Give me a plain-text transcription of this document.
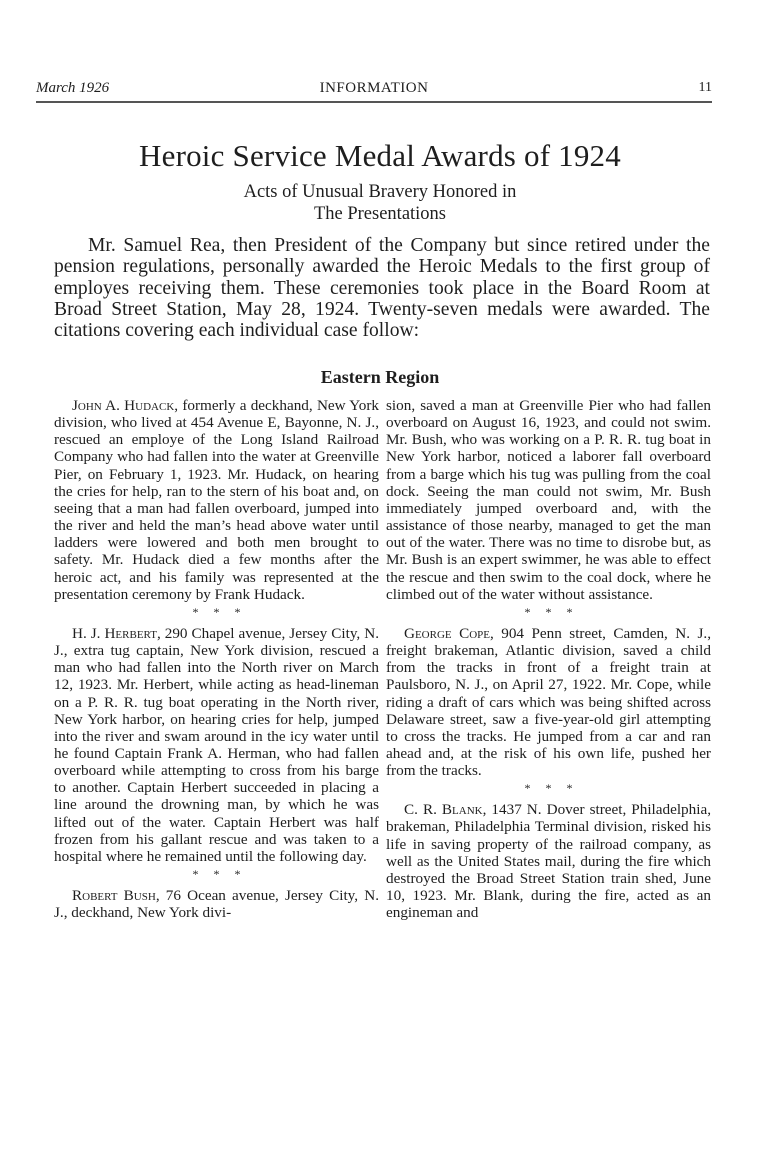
March 1926	INFORMATION	11
Heroic Service Medal Awards of 1924
Acts of Unusual Bravery Honored in
The Presentations

Mr. Samuel Rea, then President of the Company but since retired under the pension regulations, personally awarded the Heroic Medals to the first group of employes receiving them. These ceremonies took place in the Board Room at Broad Street Station, May 28, 1924. Twenty-seven medals were awarded. The citations covering each individual case follow:

Eastern Region

John A. Hudack, formerly a deckhand, New York division, who lived at 454 Avenue E, Bayonne, N. J., rescued an employe of the Long Island Railroad Company who had fallen into the water at Greenville Pier, on February 1, 1923. Mr. Hudack, on hearing the cries for help, ran to the stern of his boat and, on seeing that a man had fallen overboard, jumped into the river and held the man’s head above water until ladders were lowered and both men brought to safety. Mr. Hudack died a few months after the heroic act, and his family was represented at the presentation ceremony by Frank Hudack.

* * *

H. J. Herbert, 290 Chapel avenue, Jersey City, N. J., extra tug captain, New York division, rescued a man who had fallen into the North river on March 12, 1923. Mr. Herbert, while acting as head-lineman on a P. R. R. tug boat operating in the North river, New York harbor, on hearing cries for help, jumped into the river and swam around in the icy water until he found Captain Frank A. Herman, who had fallen overboard while attempting to cross from his barge to another. Captain Herbert succeeded in placing a line around the drowning man, by which he was lifted out of the water. Captain Herbert was half frozen from his gallant rescue and was taken to a hospital where he remained until the following day.

* * *

Robert Bush, 76 Ocean avenue, Jersey City, N. J., deckhand, New York divi-

sion, saved a man at Greenville Pier who had fallen overboard on August 16, 1923, and could not swim. Mr. Bush, who was working on a P. R. R. tug boat in New York harbor, noticed a laborer fall overboard from a barge which his tug was pulling from the coal dock. Seeing the man could not swim, Mr. Bush immediately jumped overboard and, with the assistance of those nearby, managed to get the man out of the water. There was no time to disrobe but, as Mr. Bush is an expert swimmer, he was able to effect the rescue and then swim to the coal dock, where he climbed out of the water without assistance.

* * *

George Cope, 904 Penn street, Camden, N. J., freight brakeman, Atlantic division, saved a child from the tracks in front of a freight train at Paulsboro, N. J., on April 27, 1922. Mr. Cope, while riding a draft of cars which was being shifted across Delaware street, saw a five-year-old girl attempting to cross the tracks. He jumped from a car and ran ahead and, at the risk of his own life, pushed her from the tracks.

* * *

C. R. Blank, 1437 N. Dover street, Philadelphia, brakeman, Philadelphia Terminal division, risked his life in saving property of the railroad company, as well as the United States mail, during the fire which destroyed the Broad Street Station train shed, June 10, 1923. Mr. Blank, during the fire, acted as an engineman and
